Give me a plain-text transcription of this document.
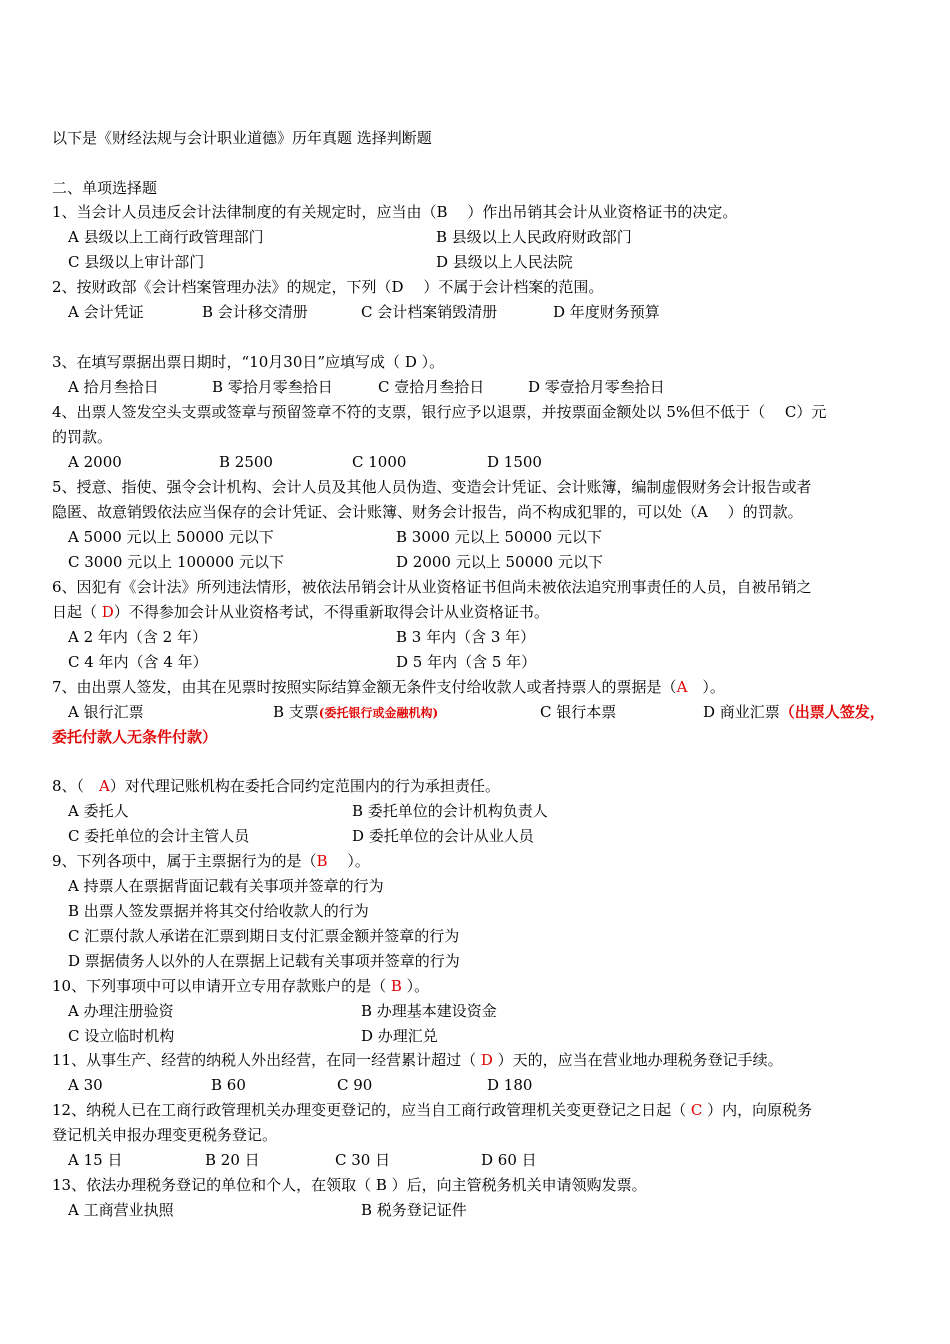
以下是《财经法规与会计职业道德》历年真题 选择判断题
二、单项选择题
1、当会计人员违反会计法律制度的有关规定时，应当由（B　 ）作出吊销其会计从业资格证书的决定。
A 县级以上工商行政管理部门	B 县级以上人民政府财政部门
C 县级以上审计部门	D 县级以上人民法院
2、按财政部《会计档案管理办法》的规定，下列（D　 ）不属于会计档案的范围。
A 会计凭证	B 会计移交清册	C 会计档案销毁清册	D 年度财务预算
3、在填写票据出票日期时，“10月30日”应填写成（ D ）。
A 拾月叁拾日	B 零拾月零叁拾日	C 壹拾月叁拾日	D 零壹拾月零叁拾日
4、出票人签发空头支票或签章与预留签章不符的支票，银行应予以退票，并按票面金额处以 5%但不低于（　 C）元
的罚款。
A 2000	B 2500	C 1000	D 1500
5、授意、指使、强令会计机构、会计人员及其他人员伪造、变造会计凭证、会计账簿，编制虚假财务会计报告或者
隐匿、故意销毁依法应当保存的会计凭证、会计账簿、财务会计报告，尚不构成犯罪的，可以处（A　 ）的罚款。
A 5000 元以上 50000 元以下	B 3000 元以上 50000 元以下
C 3000 元以上 100000 元以下	D 2000 元以上 50000 元以下
6、因犯有《会计法》所列违法情形，被依法吊销会计从业资格证书但尚未被依法追究刑事责任的人员，自被吊销之
日起（ D）不得参加会计从业资格考试，不得重新取得会计从业资格证书。
A 2 年内（含 2 年）	B 3 年内（含 3 年）
C 4 年内（含 4 年）	D 5 年内（含 5 年）
7、由出票人签发，由其在见票时按照实际结算金额无条件支付给收款人或者持票人的票据是（A　）。
A 银行汇票	B 支票(委托银行或金融机构)	C 银行本票	D 商业汇票（出票人签发，
委托付款人无条件付款）
8、（　A）对代理记账机构在委托合同约定范围内的行为承担责任。
A 委托人	B 委托单位的会计机构负责人
C 委托单位的会计主管人员	D 委托单位的会计从业人员
9、下列各项中，属于主票据行为的是（B　 ）。
A 持票人在票据背面记载有关事项并签章的行为
B 出票人签发票据并将其交付给收款人的行为
C 汇票付款人承诺在汇票到期日支付汇票金额并签章的行为
D 票据债务人以外的人在票据上记载有关事项并签章的行为
10、下列事项中可以申请开立专用存款账户的是（ B ）。
A 办理注册验资	B 办理基本建设资金
C 设立临时机构	D 办理汇兑
11、从事生产、经营的纳税人外出经营，在同一经营累计超过（ D ）天的，应当在营业地办理税务登记手续。
A 30	B 60	C 90	D 180
12、纳税人已在工商行政管理机关办理变更登记的，应当自工商行政管理机关变更登记之日起（ C ）内，向原税务
登记机关申报办理变更税务登记。
A 15 日	B 20 日	C 30 日	D 60 日
13、依法办理税务登记的单位和个人，在领取（ B ）后，向主管税务机关申请领购发票。
A 工商营业执照	B 税务登记证件
